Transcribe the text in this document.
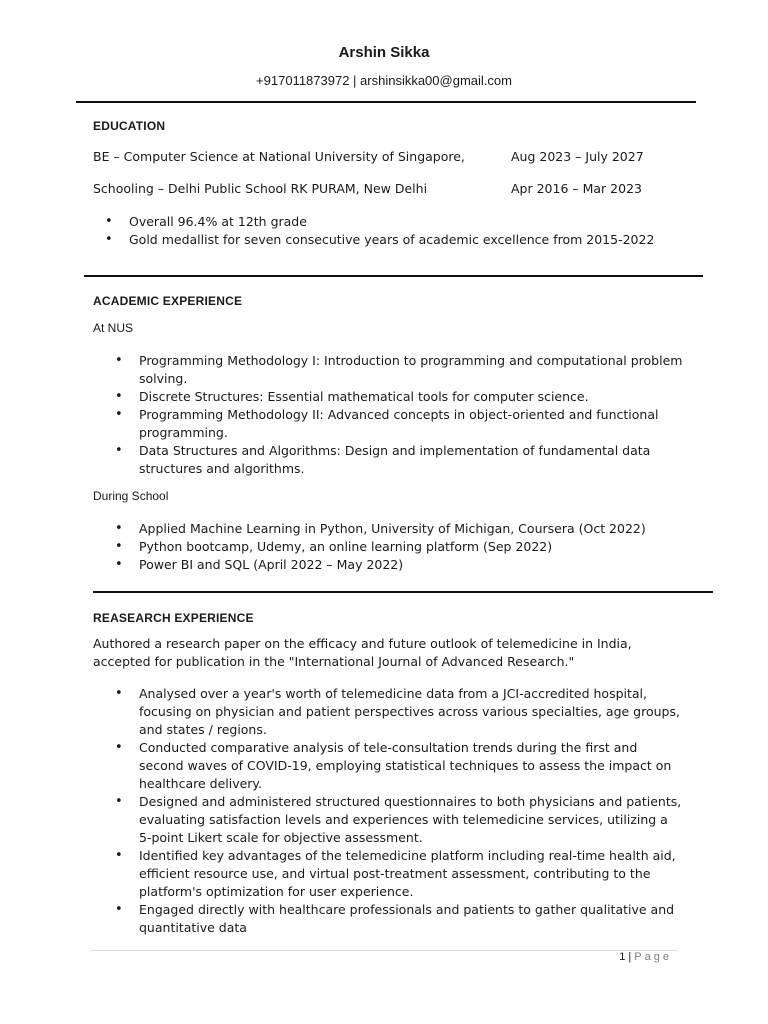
Arshin Sikka
+917011873972 | arshinsikka00@gmail.com
EDUCATION
BE – Computer Science at National University of Singapore,	Aug 2023 – July 2027
Schooling – Delhi Public School RK PURAM, New Delhi	Apr 2016 – Mar 2023
• Overall 96.4% at 12th grade
• Gold medallist for seven consecutive years of academic excellence from 2015-2022
ACADEMIC EXPERIENCE
At NUS
• Programming Methodology I: Introduction to programming and computational problem solving.
• Discrete Structures: Essential mathematical tools for computer science.
• Programming Methodology II: Advanced concepts in object-oriented and functional programming.
• Data Structures and Algorithms: Design and implementation of fundamental data structures and algorithms.
During School
• Applied Machine Learning in Python, University of Michigan, Coursera (Oct 2022)
• Python bootcamp, Udemy, an online learning platform (Sep 2022)
• Power BI and SQL (April 2022 – May 2022)
REASEARCH EXPERIENCE
Authored a research paper on the efficacy and future outlook of telemedicine in India,
accepted for publication in the "International Journal of Advanced Research."
• Analysed over a year's worth of telemedicine data from a JCI-accredited hospital, focusing on physician and patient perspectives across various specialties, age groups, and states / regions.
• Conducted comparative analysis of tele-consultation trends during the first and second waves of COVID-19, employing statistical techniques to assess the impact on healthcare delivery.
• Designed and administered structured questionnaires to both physicians and patients, evaluating satisfaction levels and experiences with telemedicine services, utilizing a 5-point Likert scale for objective assessment.
• Identified key advantages of the telemedicine platform including real-time health aid, efficient resource use, and virtual post-treatment assessment, contributing to the platform's optimization for user experience.
• Engaged directly with healthcare professionals and patients to gather qualitative and quantitative data
1 | Page
